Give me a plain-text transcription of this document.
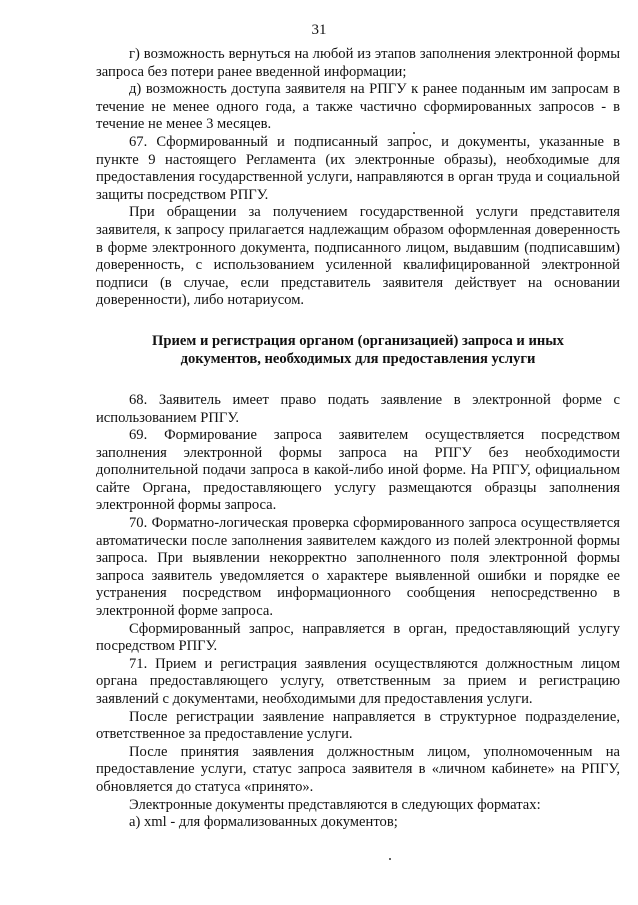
31

г) возможность вернуться на любой из этапов заполнения электронной формы запроса без потери ранее введенной информации;

д) возможность доступа заявителя на РПГУ к ранее поданным им запросам в течение не менее одного года, а также частично сформированных запросов - в течение не менее 3 месяцев.

67. Сформированный и подписанный запрос, и документы, указанные в пункте 9 настоящего Регламента (их электронные образы), необходимые для предоставления государственной услуги, направляются в орган труда и социальной защиты посредством РПГУ.

При обращении за получением государственной услуги представителя заявителя, к запросу прилагается надлежащим образом оформленная доверенность в форме электронного документа, подписанного лицом, выдавшим (подписавшим) доверенность, с использованием усиленной квалифицированной электронной подписи (в случае, если представитель заявителя действует на основании доверенности), либо нотариусом.

Прием и регистрация органом (организацией) запроса и иных
документов, необходимых для предоставления услуги

68. Заявитель имеет право подать заявление в электронной форме с использованием РПГУ.

69. Формирование запроса заявителем осуществляется посредством заполнения электронной формы запроса на РПГУ без необходимости дополнительной подачи запроса в какой-либо иной форме. На РПГУ, официальном сайте Органа, предоставляющего услугу размещаются образцы заполнения электронной формы запроса.

70. Форматно-логическая проверка сформированного запроса осуществляется автоматически после заполнения заявителем каждого из полей электронной формы запроса. При выявлении некорректно заполненного поля электронной формы запроса заявитель уведомляется о характере выявленной ошибки и порядке ее устранения посредством информационного сообщения непосредственно в электронной форме запроса.

Сформированный запрос, направляется в орган, предоставляющий услугу посредством РПГУ.

71. Прием и регистрация заявления осуществляются должностным лицом органа предоставляющего услугу, ответственным за прием и регистрацию заявлений с документами, необходимыми для предоставления услуги.

После регистрации заявление направляется в структурное подразделение, ответственное за предоставление услуги.

После принятия заявления должностным лицом, уполномоченным на предоставление услуги, статус запроса заявителя в «личном кабинете» на РПГУ, обновляется до статуса «принято».

Электронные документы представляются в следующих форматах:

а) xml - для формализованных документов;
